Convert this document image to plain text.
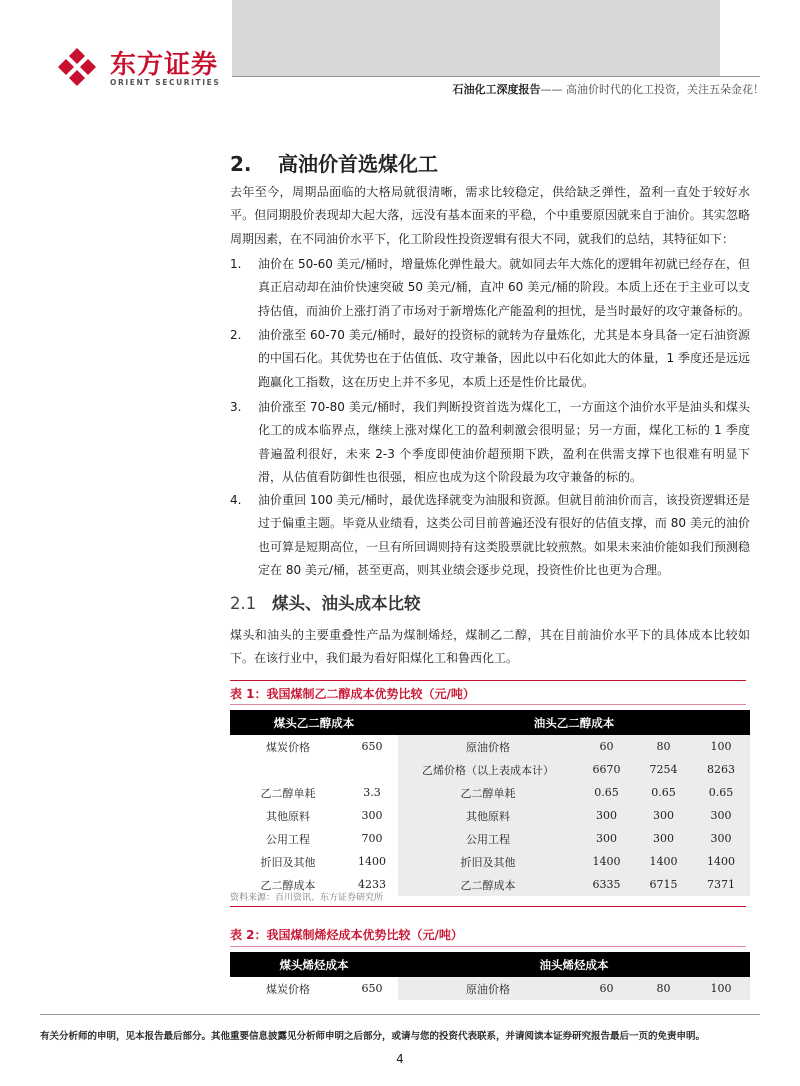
东方证券
ORIENT SECURITIES
石油化工深度报告—— 高油价时代的化工投资，关注五朵金花！
2. 高油价首选煤化工
去年至今，周期品面临的大格局就很清晰，需求比较稳定，供给缺乏弹性，盈利一直处于较好水平。但同期股价表现却大起大落，远没有基本面来的平稳，个中重要原因就来自于油价。其实忽略周期因素，在不同油价水平下，化工阶段性投资逻辑有很大不同，就我们的总结，其特征如下：
1. 油价在 50-60 美元/桶时，增量炼化弹性最大。就如同去年大炼化的逻辑年初就已经存在，但真正启动却在油价快速突破 50 美元/桶，直冲 60 美元/桶的阶段。本质上还在于主业可以支持估值，而油价上涨打消了市场对于新增炼化产能盈利的担忧，是当时最好的攻守兼备标的。
2. 油价涨至 60-70 美元/桶时，最好的投资标的就转为存量炼化，尤其是本身具备一定石油资源的中国石化。其优势也在于估值低、攻守兼备，因此以中石化如此大的体量，1 季度还是远远跑赢化工指数，这在历史上并不多见，本质上还是性价比最优。
3. 油价涨至 70-80 美元/桶时，我们判断投资首选为煤化工，一方面这个油价水平是油头和煤头化工的成本临界点，继续上涨对煤化工的盈利刺激会很明显；另一方面，煤化工标的 1 季度普遍盈利很好，未来 2-3 个季度即使油价超预期下跌，盈利在供需支撑下也很难有明显下滑，从估值看防御性也很强，相应也成为这个阶段最为攻守兼备的标的。
4. 油价重回 100 美元/桶时，最优选择就变为油服和资源。但就目前油价而言，该投资逻辑还是过于偏重主题。毕竟从业绩看，这类公司目前普遍还没有很好的估值支撑，而 80 美元的油价也可算是短期高位，一旦有所回调则持有这类股票就比较煎熬。如果未来油价能如我们预测稳定在 80 美元/桶，甚至更高，则其业绩会逐步兑现，投资性价比也更为合理。
2.1 煤头、油头成本比较
煤头和油头的主要重叠性产品为煤制烯烃，煤制乙二醇，其在目前油价水平下的具体成本比较如下。在该行业中，我们最为看好阳煤化工和鲁西化工。
表 1：我国煤制乙二醇成本优势比较（元/吨）
煤头乙二醇成本		油头乙二醇成本			
煤炭价格	650	原油价格	60	80	100
		乙烯价格（以上表成本计）	6670	7254	8263
乙二醇单耗	3.3	乙二醇单耗	0.65	0.65	0.65
其他原料	300	其他原料	300	300	300
公用工程	700	公用工程	300	300	300
折旧及其他	1400	折旧及其他	1400	1400	1400
乙二醇成本	4233	乙二醇成本	6335	6715	7371
资料来源：百川资讯、东方证券研究所
表 2：我国煤制烯烃成本优势比较（元/吨）
煤头烯烃成本		油头烯烃成本			
煤炭价格	650	原油价格	60	80	100
有关分析师的申明，见本报告最后部分。其他重要信息披露见分析师申明之后部分，或请与您的投资代表联系，并请阅读本证券研究报告最后一页的免责申明。
4
